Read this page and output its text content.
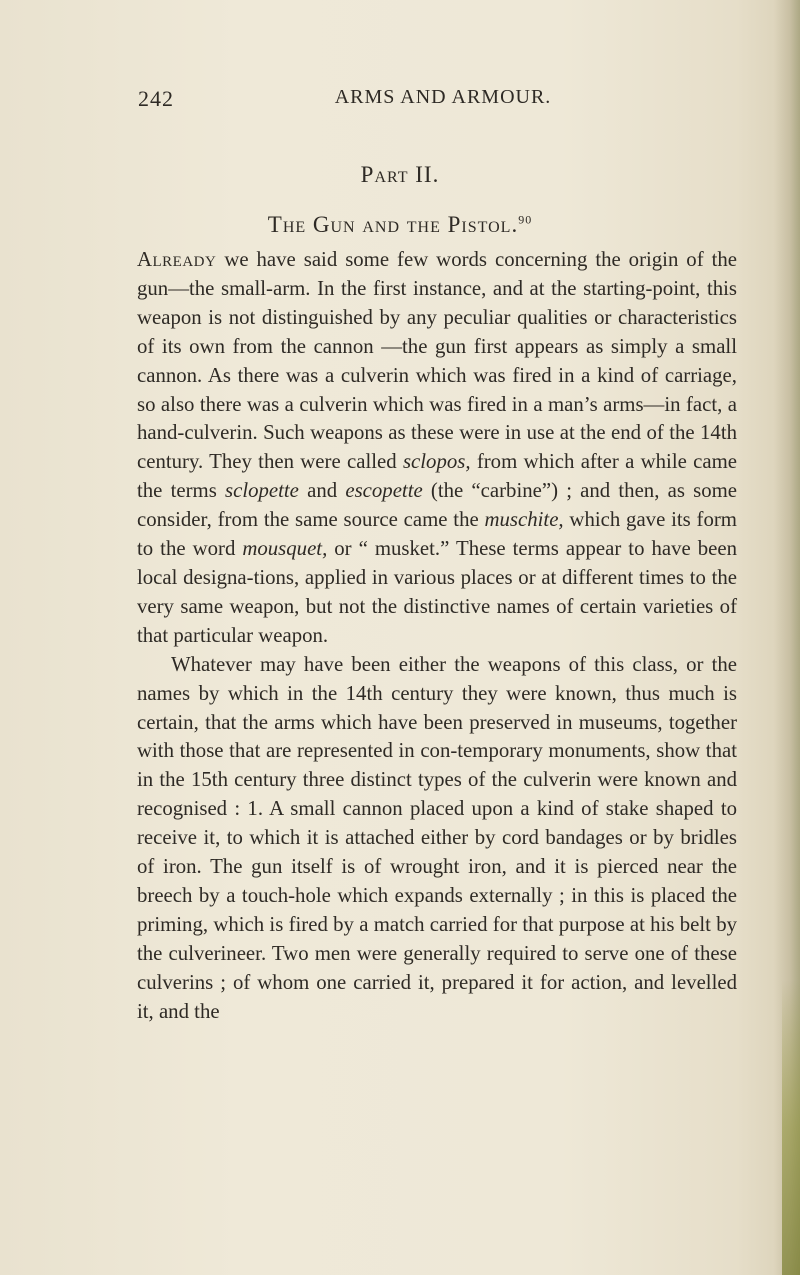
242	ARMS AND ARMOUR.
Part II.
The Gun and the Pistol.$^{90}$

Already we have said some few words concerning the origin of the gun—the small-arm. In the first instance, and at the starting-point, this weapon is not distinguished by any peculiar qualities or characteristics of its own from the cannon —the gun first appears as simply a small cannon. As there was a culverin which was fired in a kind of carriage, so also there was a culverin which was fired in a man’s arms—in fact, a hand-culverin. Such weapons as these were in use at the end of the 14th century. They then were called sclopos, from which after a while came the terms sclopette and escopette (the “carbine”) ; and then, as some consider, from the same source came the muschite, which gave its form to the word mousquet, or “ musket.” These terms appear to have been local designa-tions, applied in various places or at different times to the very same weapon, but not the distinctive names of certain varieties of that particular weapon.

Whatever may have been either the weapons of this class, or the names by which in the 14th century they were known, thus much is certain, that the arms which have been preserved in museums, together with those that are represented in con-temporary monuments, show that in the 15th century three distinct types of the culverin were known and recognised : 1. A small cannon placed upon a kind of stake shaped to receive it, to which it is attached either by cord bandages or by bridles of iron. The gun itself is of wrought iron, and it is pierced near the breech by a touch-hole which expands externally ; in this is placed the priming, which is fired by a match carried for that purpose at his belt by the culverineer. Two men were generally required to serve one of these culverins ; of whom one carried it, prepared it for action, and levelled it, and the
